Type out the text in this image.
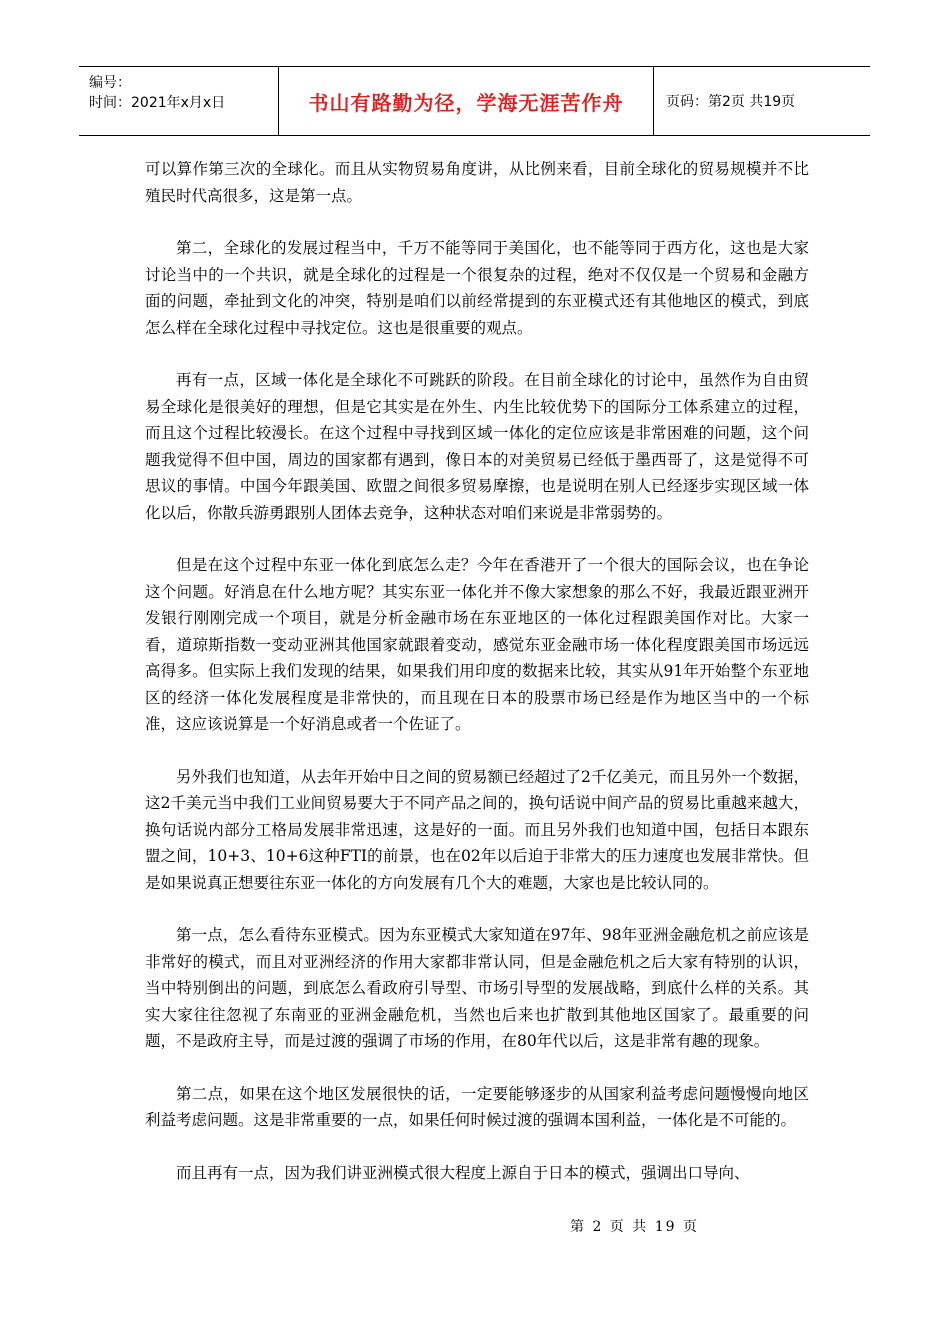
编号：
时间：2021年x月x日	书山有路勤为径，学海无涯苦作舟	页码：第2页 共19页

可以算作第三次的全球化。而且从实物贸易角度讲，从比例来看，目前全球化的贸易规模并不比殖民时代高很多，这是第一点。

第二，全球化的发展过程当中，千万不能等同于美国化，也不能等同于西方化，这也是大家讨论当中的一个共识，就是全球化的过程是一个很复杂的过程，绝对不仅仅是一个贸易和金融方面的问题，牵扯到文化的冲突，特别是咱们以前经常提到的东亚模式还有其他地区的模式，到底怎么样在全球化过程中寻找定位。这也是很重要的观点。

再有一点，区域一体化是全球化不可跳跃的阶段。在目前全球化的讨论中，虽然作为自由贸易全球化是很美好的理想，但是它其实是在外生、内生比较优势下的国际分工体系建立的过程，而且这个过程比较漫长。在这个过程中寻找到区域一体化的定位应该是非常困难的问题，这个问题我觉得不但中国，周边的国家都有遇到，像日本的对美贸易已经低于墨西哥了，这是觉得不可思议的事情。中国今年跟美国、欧盟之间很多贸易摩擦，也是说明在别人已经逐步实现区域一体化以后，你散兵游勇跟别人团体去竞争，这种状态对咱们来说是非常弱势的。

但是在这个过程中东亚一体化到底怎么走？今年在香港开了一个很大的国际会议，也在争论这个问题。好消息在什么地方呢？其实东亚一体化并不像大家想象的那么不好，我最近跟亚洲开发银行刚刚完成一个项目，就是分析金融市场在东亚地区的一体化过程跟美国作对比。大家一看，道琼斯指数一变动亚洲其他国家就跟着变动，感觉东亚金融市场一体化程度跟美国市场远远高得多。但实际上我们发现的结果，如果我们用印度的数据来比较，其实从91年开始整个东亚地区的经济一体化发展程度是非常快的，而且现在日本的股票市场已经是作为地区当中的一个标准，这应该说算是一个好消息或者一个佐证了。

另外我们也知道，从去年开始中日之间的贸易额已经超过了2千亿美元，而且另外一个数据，这2千美元当中我们工业间贸易要大于不同产品之间的，换句话说中间产品的贸易比重越来越大，换句话说内部分工格局发展非常迅速，这是好的一面。而且另外我们也知道中国，包括日本跟东盟之间，10+3、10+6这种FTI的前景，也在02年以后迫于非常大的压力速度也发展非常快。但是如果说真正想要往东亚一体化的方向发展有几个大的难题，大家也是比较认同的。

第一点，怎么看待东亚模式。因为东亚模式大家知道在97年、98年亚洲金融危机之前应该是非常好的模式，而且对亚洲经济的作用大家都非常认同，但是金融危机之后大家有特别的认识，当中特别倒出的问题，到底怎么看政府引导型、市场引导型的发展战略，到底什么样的关系。其实大家往往忽视了东南亚的亚洲金融危机，当然也后来也扩散到其他地区国家了。最重要的问题，不是政府主导，而是过渡的强调了市场的作用，在80年代以后，这是非常有趣的现象。

第二点，如果在这个地区发展很快的话，一定要能够逐步的从国家利益考虑问题慢慢向地区利益考虑问题。这是非常重要的一点，如果任何时候过渡的强调本国利益，一体化是不可能的。

而且再有一点，因为我们讲亚洲模式很大程度上源自于日本的模式，强调出口导向、

第 2 页 共 19 页
